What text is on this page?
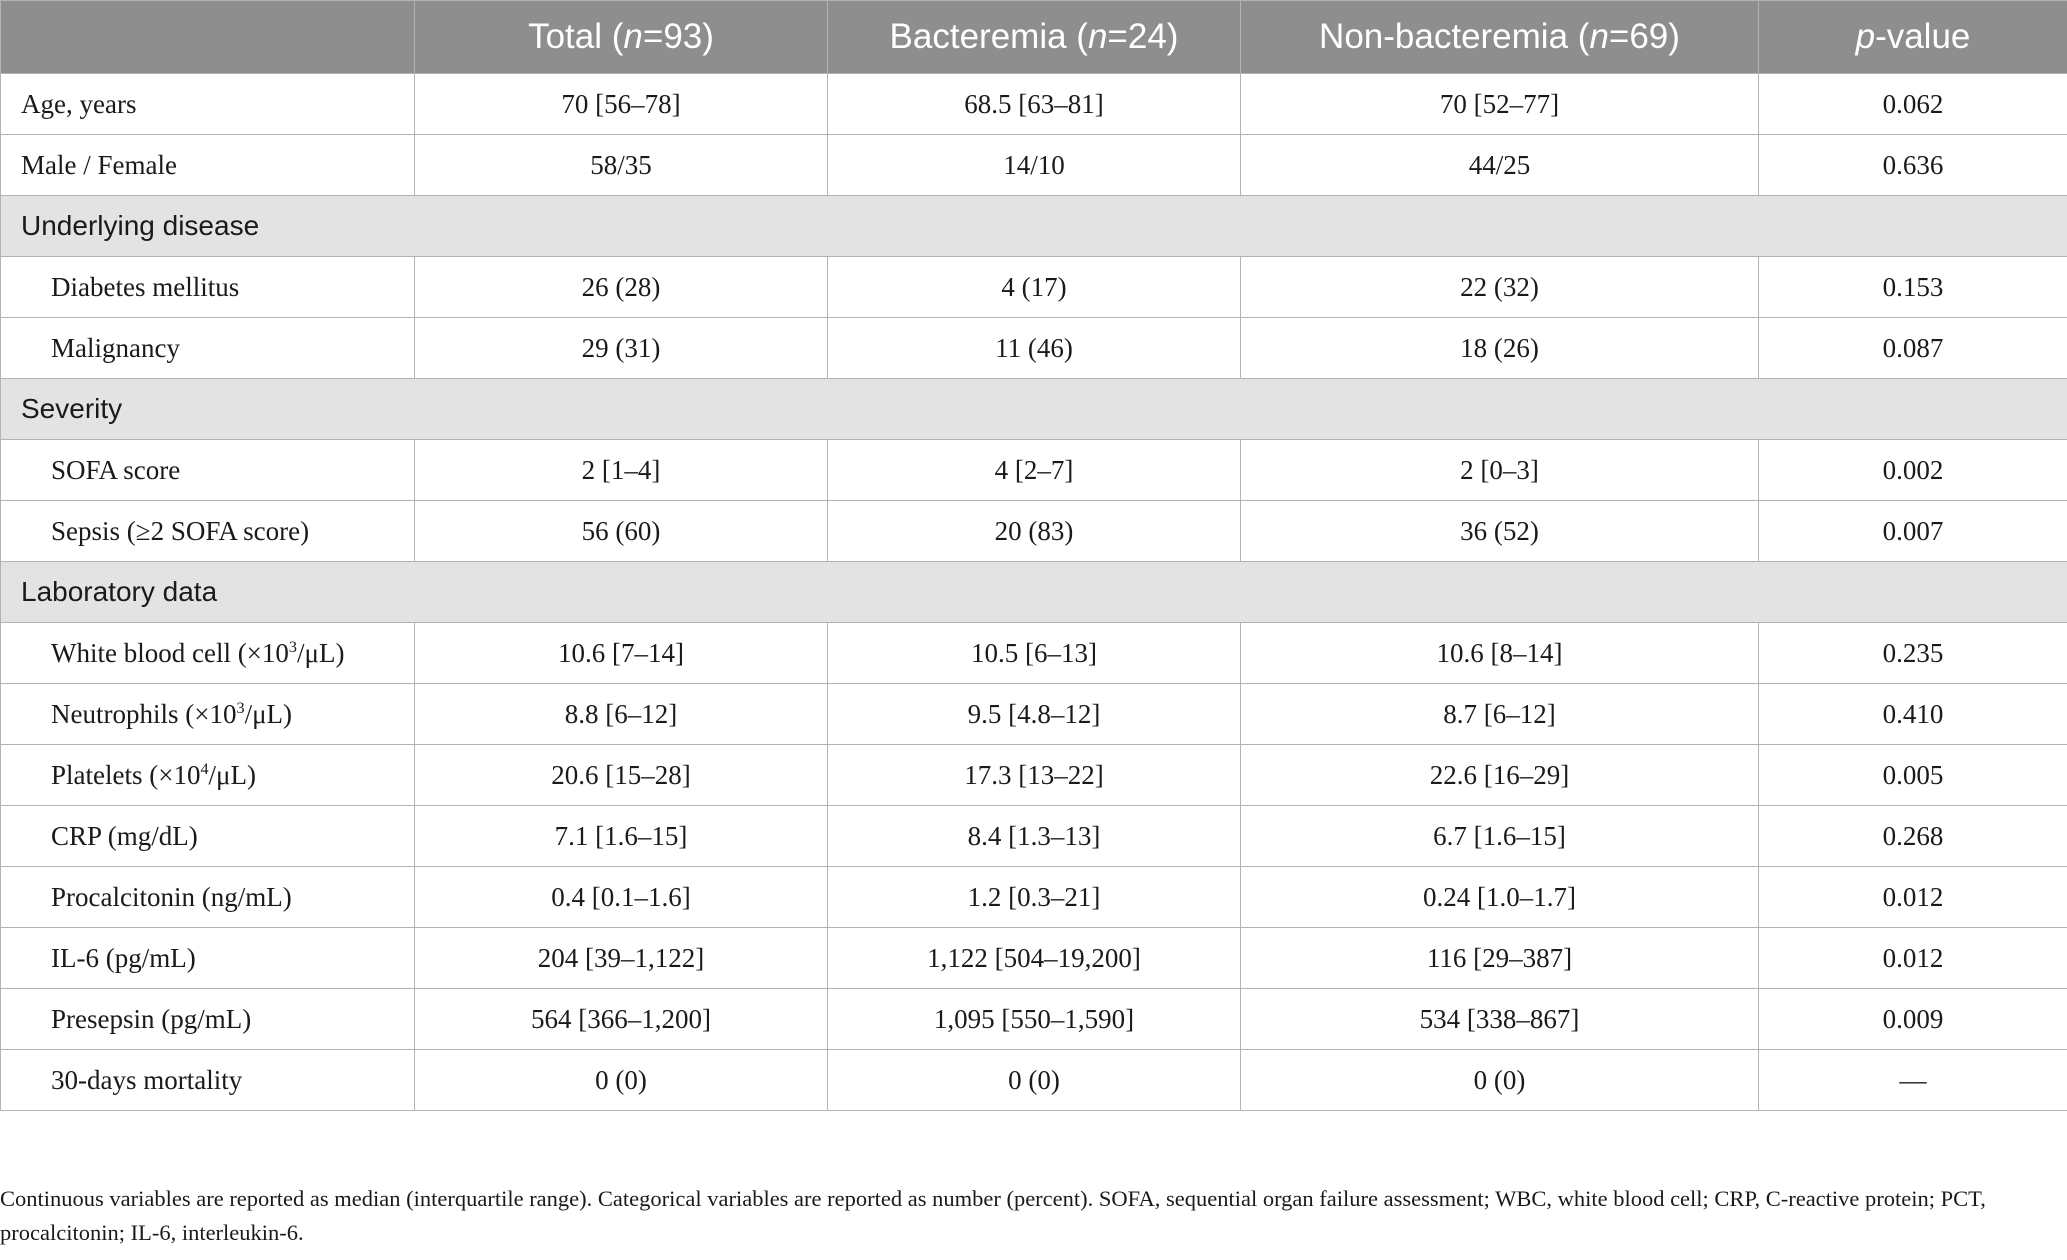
	Total (n=93)	Bacteremia (n=24)	Non-bacteremia (n=69)	p-value
Age, years	70 [56–78]	68.5 [63–81]	70 [52–77]	0.062
Male / Female	58/35	14/10	44/25	0.636
Underlying disease				
Diabetes mellitus	26 (28)	4 (17)	22 (32)	0.153
Malignancy	29 (31)	11 (46)	18 (26)	0.087
Severity				
SOFA score	2 [1–4]	4 [2–7]	2 [0–3]	0.002
Sepsis (≥2 SOFA score)	56 (60)	20 (83)	36 (52)	0.007
Laboratory data				
White blood cell $(\times 10^3/\mu L)$	10.6 [7–14]	10.5 [6–13]	10.6 [8–14]	0.235
Neutrophils $(\times 10^3/\mu L)$	8.8 [6–12]	9.5 [4.8–12]	8.7 [6–12]	0.410
Platelets $(\times 10^4/\mu L)$	20.6 [15–28]	17.3 [13–22]	22.6 [16–29]	0.005
CRP (mg/dL)	7.1 [1.6–15]	8.4 [1.3–13]	6.7 [1.6–15]	0.268
Procalcitonin (ng/mL)	0.4 [0.1–1.6]	1.2 [0.3–21]	0.24 [1.0–1.7]	0.012
IL-6 (pg/mL)	204 [39–1,122]	1,122 [504–19,200]	116 [29–387]	0.012
Presepsin (pg/mL)	564 [366–1,200]	1,095 [550–1,590]	534 [338–867]	0.009
30-days mortality	0 (0)	0 (0)	0 (0)	—
Continuous variables are reported as median (interquartile range). Categorical variables are reported as number (percent). SOFA, sequential organ failure assessment; WBC, white blood cell; CRP, C-reactive protein; PCT, procalcitonin; IL-6, interleukin-6.
